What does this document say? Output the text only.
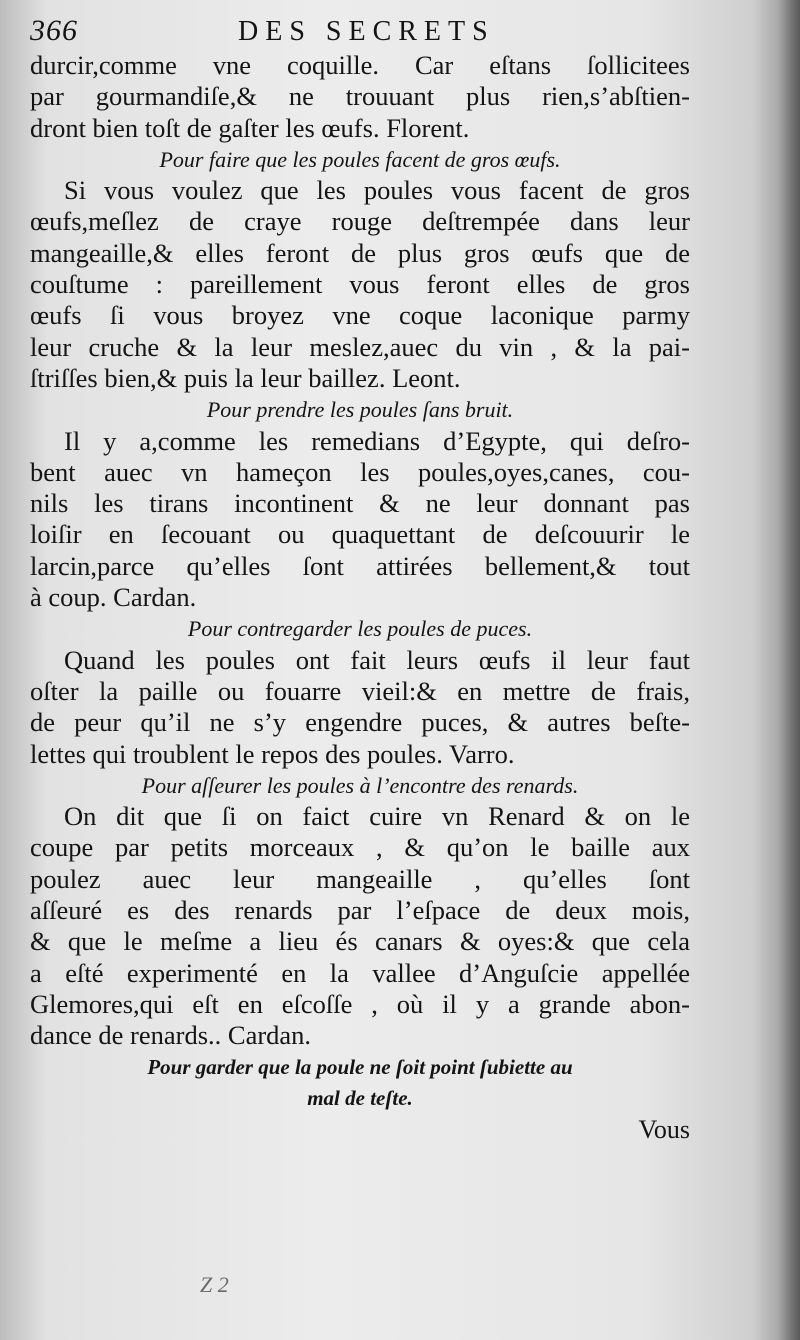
366	DES SECRETS
durcir,comme vne coquille. Car eſtans ſollicitees
par gourmandiſe,& ne trouuant plus rien,s’abſtien-
dront bien toſt de gaſter les œufs. Florent.
Pour faire que les poules facent de gros œufs.
Si vous voulez que les poules vous facent de gros
œufs,meſlez de craye rouge deſtrempée dans leur
mangeaille,& elles feront de plus gros œufs que de
couſtume : pareillement vous feront elles de gros
œufs ſi vous broyez vne coque laconique parmy
leur cruche & la leur meslez,auec du vin , & la pai-
ſtriſſes bien,& puis la leur baillez. Leont.
Pour prendre les poules ſans bruit.
Il y a,comme les remedians d’Egypte, qui deſro-
bent auec vn hameçon les poules,oyes,canes, cou-
nils les tirans incontinent & ne leur donnant pas
loiſir en ſecouant ou quaquettant de deſcouurir le
larcin,parce qu’elles ſont attirées bellement,& tout
à coup. Cardan.
Pour contregarder les poules de puces.
Quand les poules ont fait leurs œufs il leur faut
oſter la paille ou fouarre vieil:& en mettre de frais,
de peur qu’il ne s’y engendre puces, & autres beſte-
lettes qui troublent le repos des poules. Varro.
Pour aſſeurer les poules à l’encontre des renards.
On dit que ſi on faict cuire vn Renard & on le
coupe par petits morceaux , & qu’on le baille aux
poulez auec leur mangeaille , qu’elles ſont
aſſeuré es des renards par l’eſpace de deux mois,
& que le meſme a lieu és canars & oyes:& que cela
a eſté experimenté en la vallee d’Anguſcie appellée
Glemores,qui eſt en eſcoſſe , où il y a grande abon-
dance de renards.. Cardan.
Pour garder que la poule ne ſoit point ſubiette au
mal de teſte.
Vous
Z 2
